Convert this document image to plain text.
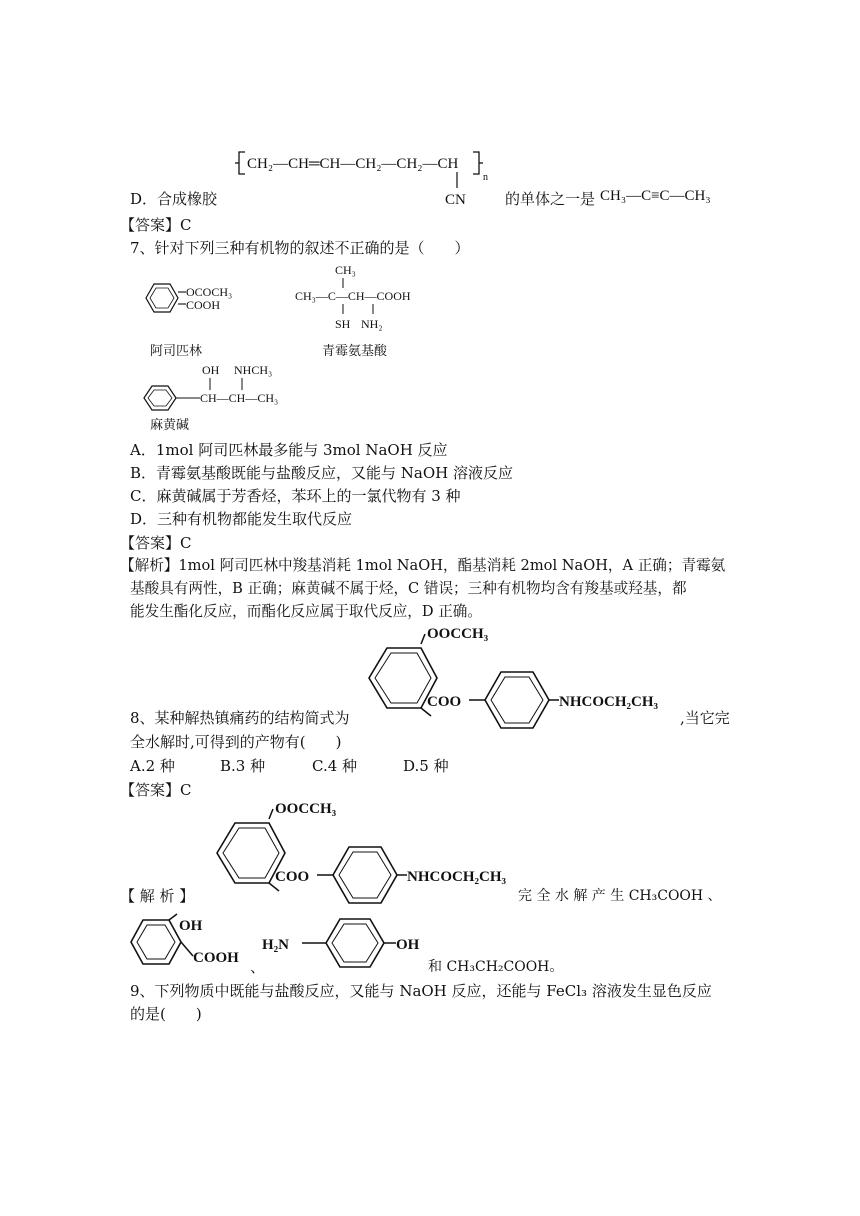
CH₂—CH═CH—CH₂—CH₂—CH
n
CN
D．合成橡胶	的单体之一是 CH₃—C≡C—CH₃
【答案】C
7、针对下列三种有机物的叙述不正确的是（　　）
OCOCH₃
COOH
阿司匹林
CH₃
CH₃—C—CH—COOH
SH NH₂
青霉氨基酸
OH NHCH₃
CH—CH—CH₃
麻黄碱
A．1mol 阿司匹林最多能与 3mol NaOH 反应
B．青霉氨基酸既能与盐酸反应，又能与 NaOH 溶液反应
C．麻黄碱属于芳香烃，苯环上的一氯代物有 3 种
D．三种有机物都能发生取代反应
【答案】C
【解析】1mol 阿司匹林中羧基消耗 1mol NaOH，酯基消耗 2mol NaOH，A 正确；青霉氨
基酸具有两性，B 正确；麻黄碱不属于烃，C 错误；三种有机物均含有羧基或羟基，都
能发生酯化反应，而酯化反应属于取代反应，D 正确。
OOCCH₃
COO	NHCOCH₂CH₃
8、某种解热镇痛药的结构简式为	,当它完
全水解时,可得到的产物有(　　)
A.2 种	B.3 种	C.4 种	D.5 种
【答案】C
OOCCH₃
COO	NHCOCH₂CH₃
【 解 析 】	完 全 水 解 产 生 CH₃COOH 、
OH
COOH 、
H₂N	OH
和 CH₃CH₂COOH。
9、下列物质中既能与盐酸反应，又能与 NaOH 反应，还能与 FeCl₃ 溶液发生显色反应
的是(　　)
